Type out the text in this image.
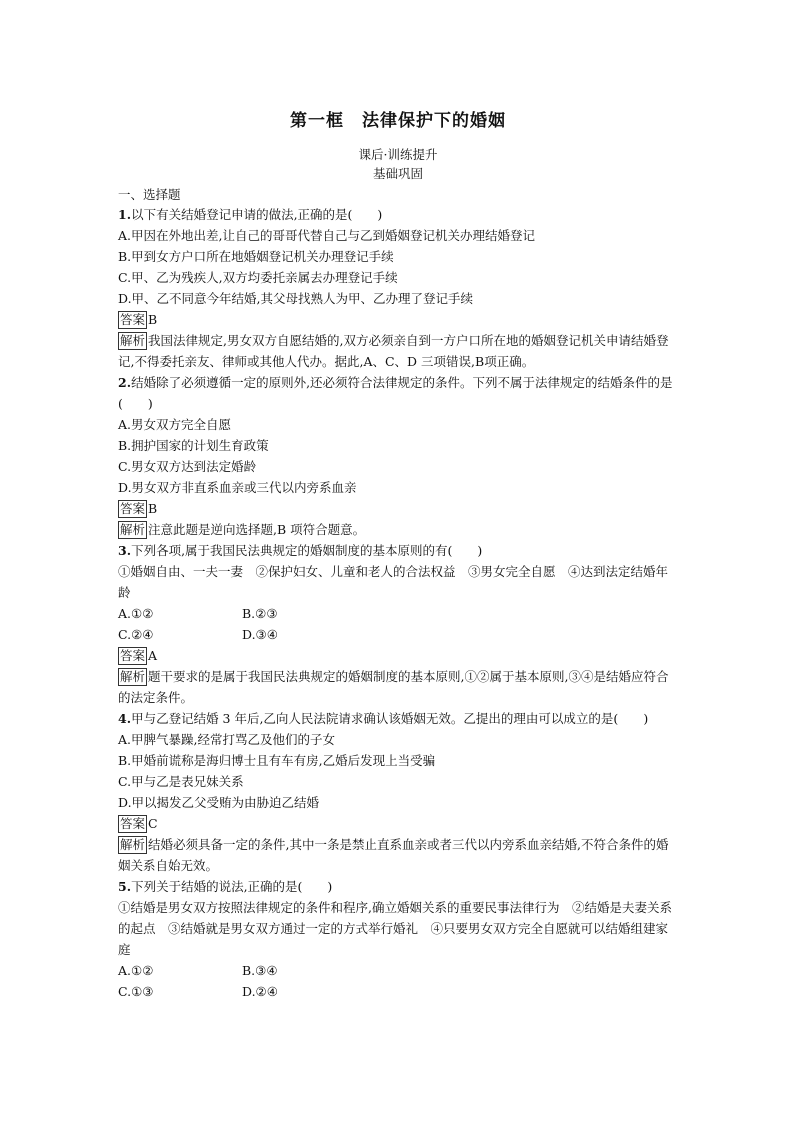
第一框　法律保护下的婚姻
课后·训练提升
基础巩固
一、选择题
1.以下有关结婚登记申请的做法,正确的是(　　)
A.甲因在外地出差,让自己的哥哥代替自己与乙到婚姻登记机关办理结婚登记
B.甲到女方户口所在地婚姻登记机关办理登记手续
C.甲、乙为残疾人,双方均委托亲属去办理登记手续
D.甲、乙不同意今年结婚,其父母找熟人为甲、乙办理了登记手续
答案 B
解析 我国法律规定,男女双方自愿结婚的,双方必须亲自到一方户口所在地的婚姻登记机关申请结婚登记,不得委托亲友、律师或其他人代办。据此,A、C、D 三项错误,B项正确。
2.结婚除了必须遵循一定的原则外,还必须符合法律规定的条件。下列不属于法律规定的结婚条件的是(　　)
A.男女双方完全自愿
B.拥护国家的计划生育政策
C.男女双方达到法定婚龄
D.男女双方非直系血亲或三代以内旁系血亲
答案 B
解析 注意此题是逆向选择题,B 项符合题意。
3.下列各项,属于我国民法典规定的婚姻制度的基本原则的有(　　)
①婚姻自由、一夫一妻　②保护妇女、儿童和老人的合法权益　③男女完全自愿　④达到法定结婚年龄
A.①②	B.②③
C.②④	D.③④
答案 A
解析 题干要求的是属于我国民法典规定的婚姻制度的基本原则,①②属于基本原则,③④是结婚应符合的法定条件。
4.甲与乙登记结婚 3 年后,乙向人民法院请求确认该婚姻无效。乙提出的理由可以成立的是(　　)
A.甲脾气暴躁,经常打骂乙及他们的子女
B.甲婚前谎称是海归博士且有车有房,乙婚后发现上当受骗
C.甲与乙是表兄妹关系
D.甲以揭发乙父受贿为由胁迫乙结婚
答案 C
解析 结婚必须具备一定的条件,其中一条是禁止直系血亲或者三代以内旁系血亲结婚,不符合条件的婚姻关系自始无效。
5.下列关于结婚的说法,正确的是(　　)
①结婚是男女双方按照法律规定的条件和程序,确立婚姻关系的重要民事法律行为　②结婚是夫妻关系的起点　③结婚就是男女双方通过一定的方式举行婚礼　④只要男女双方完全自愿就可以结婚组建家庭
A.①②	B.③④
C.①③	D.②④
